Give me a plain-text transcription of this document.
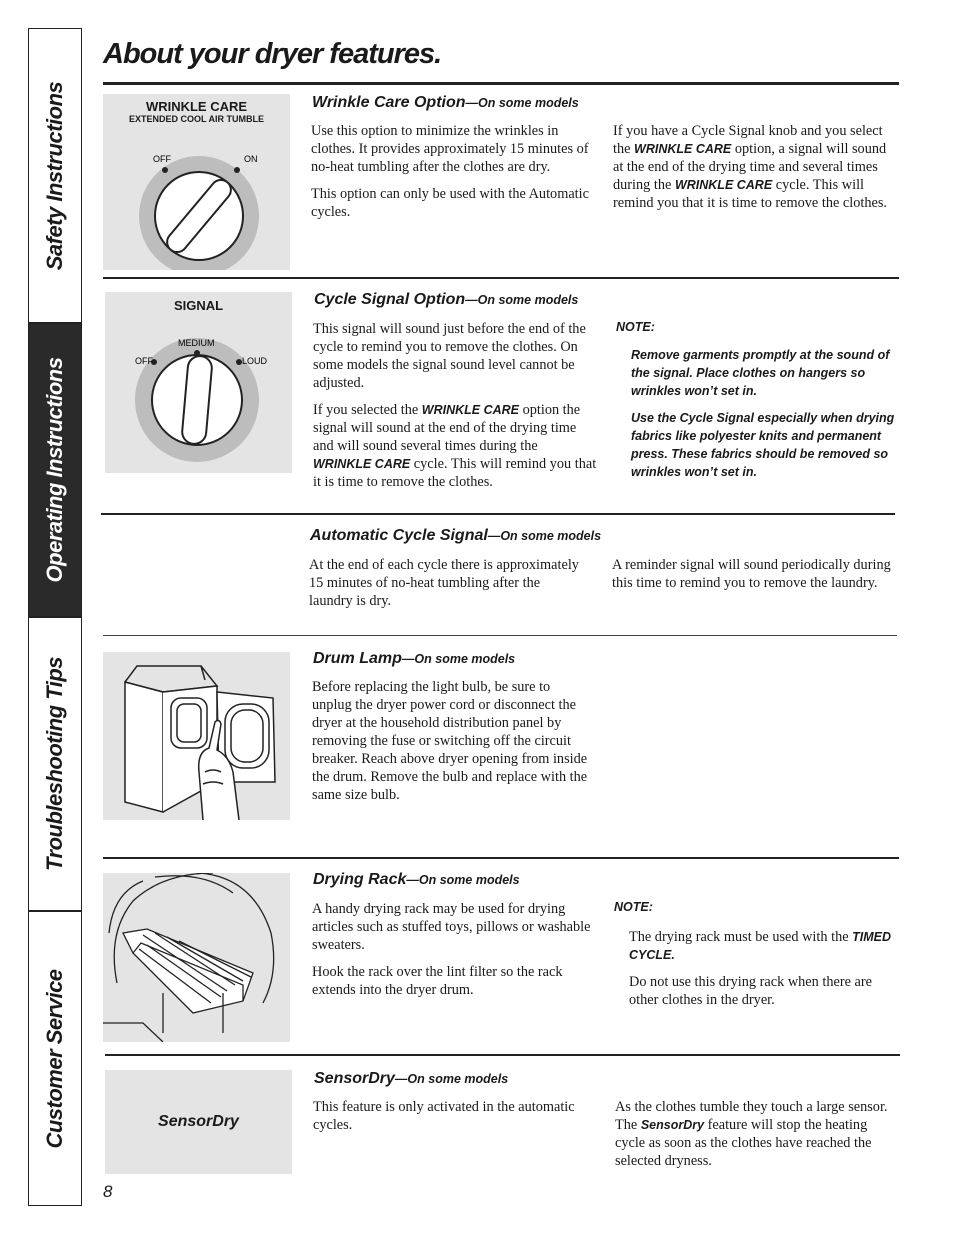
Safety Instructions
Operating Instructions
Troubleshooting Tips
Customer Service
About your dryer features.
WRINKLE CARE
EXTENDED COOL AIR TUMBLE
OFF	ON
Wrinkle Care Option—On some models

Use this option to minimize the wrinkles in clothes. It provides approximately 15 minutes of no-heat tumbling after the clothes are dry.

This option can only be used with the Automatic cycles.

If you have a Cycle Signal knob and you select the WRINKLE CARE option, a signal will sound at the end of the drying time and several times during the WRINKLE CARE cycle. This will remind you that it is time to remove the clothes.

SIGNAL
OFF
MEDIUM
LOUD
Cycle Signal Option—On some models

This signal will sound just before the end of the cycle to remind you to remove the clothes. On some models the signal sound level cannot be adjusted.

If you selected the WRINKLE CARE option the signal will sound at the end of the drying time and will sound several times during the WRINKLE CARE cycle. This will remind you that it is time to remove the clothes.

NOTE:

Remove garments promptly at the sound of the signal. Place clothes on hangers so wrinkles won’t set in.

Use the Cycle Signal especially when drying fabrics like polyester knits and permanent press. These fabrics should be removed so wrinkles won’t set in.

Automatic Cycle Signal—On some models

At the end of each cycle there is approximately 15 minutes of no-heat tumbling after the laundry is dry.

A reminder signal will sound periodically during this time to remind you to remove the laundry.

Drum Lamp—On some models

Before replacing the light bulb, be sure to unplug the dryer power cord or disconnect the dryer at the household distribution panel by removing the fuse or switching off the circuit breaker. Reach above dryer opening from inside the drum. Remove the bulb and replace with the same size bulb.

Drying Rack—On some models

A handy drying rack may be used for drying articles such as stuffed toys, pillows or washable sweaters.

Hook the rack over the lint filter so the rack extends into the dryer drum.

NOTE:

The drying rack must be used with the TIMED CYCLE.

Do not use this drying rack when there are other clothes in the dryer.

SensorDry
SensorDry—On some models

This feature is only activated in the automatic cycles.

As the clothes tumble they touch a large sensor. The SensorDry feature will stop the heating cycle as soon as the clothes have reached the selected dryness.

8
